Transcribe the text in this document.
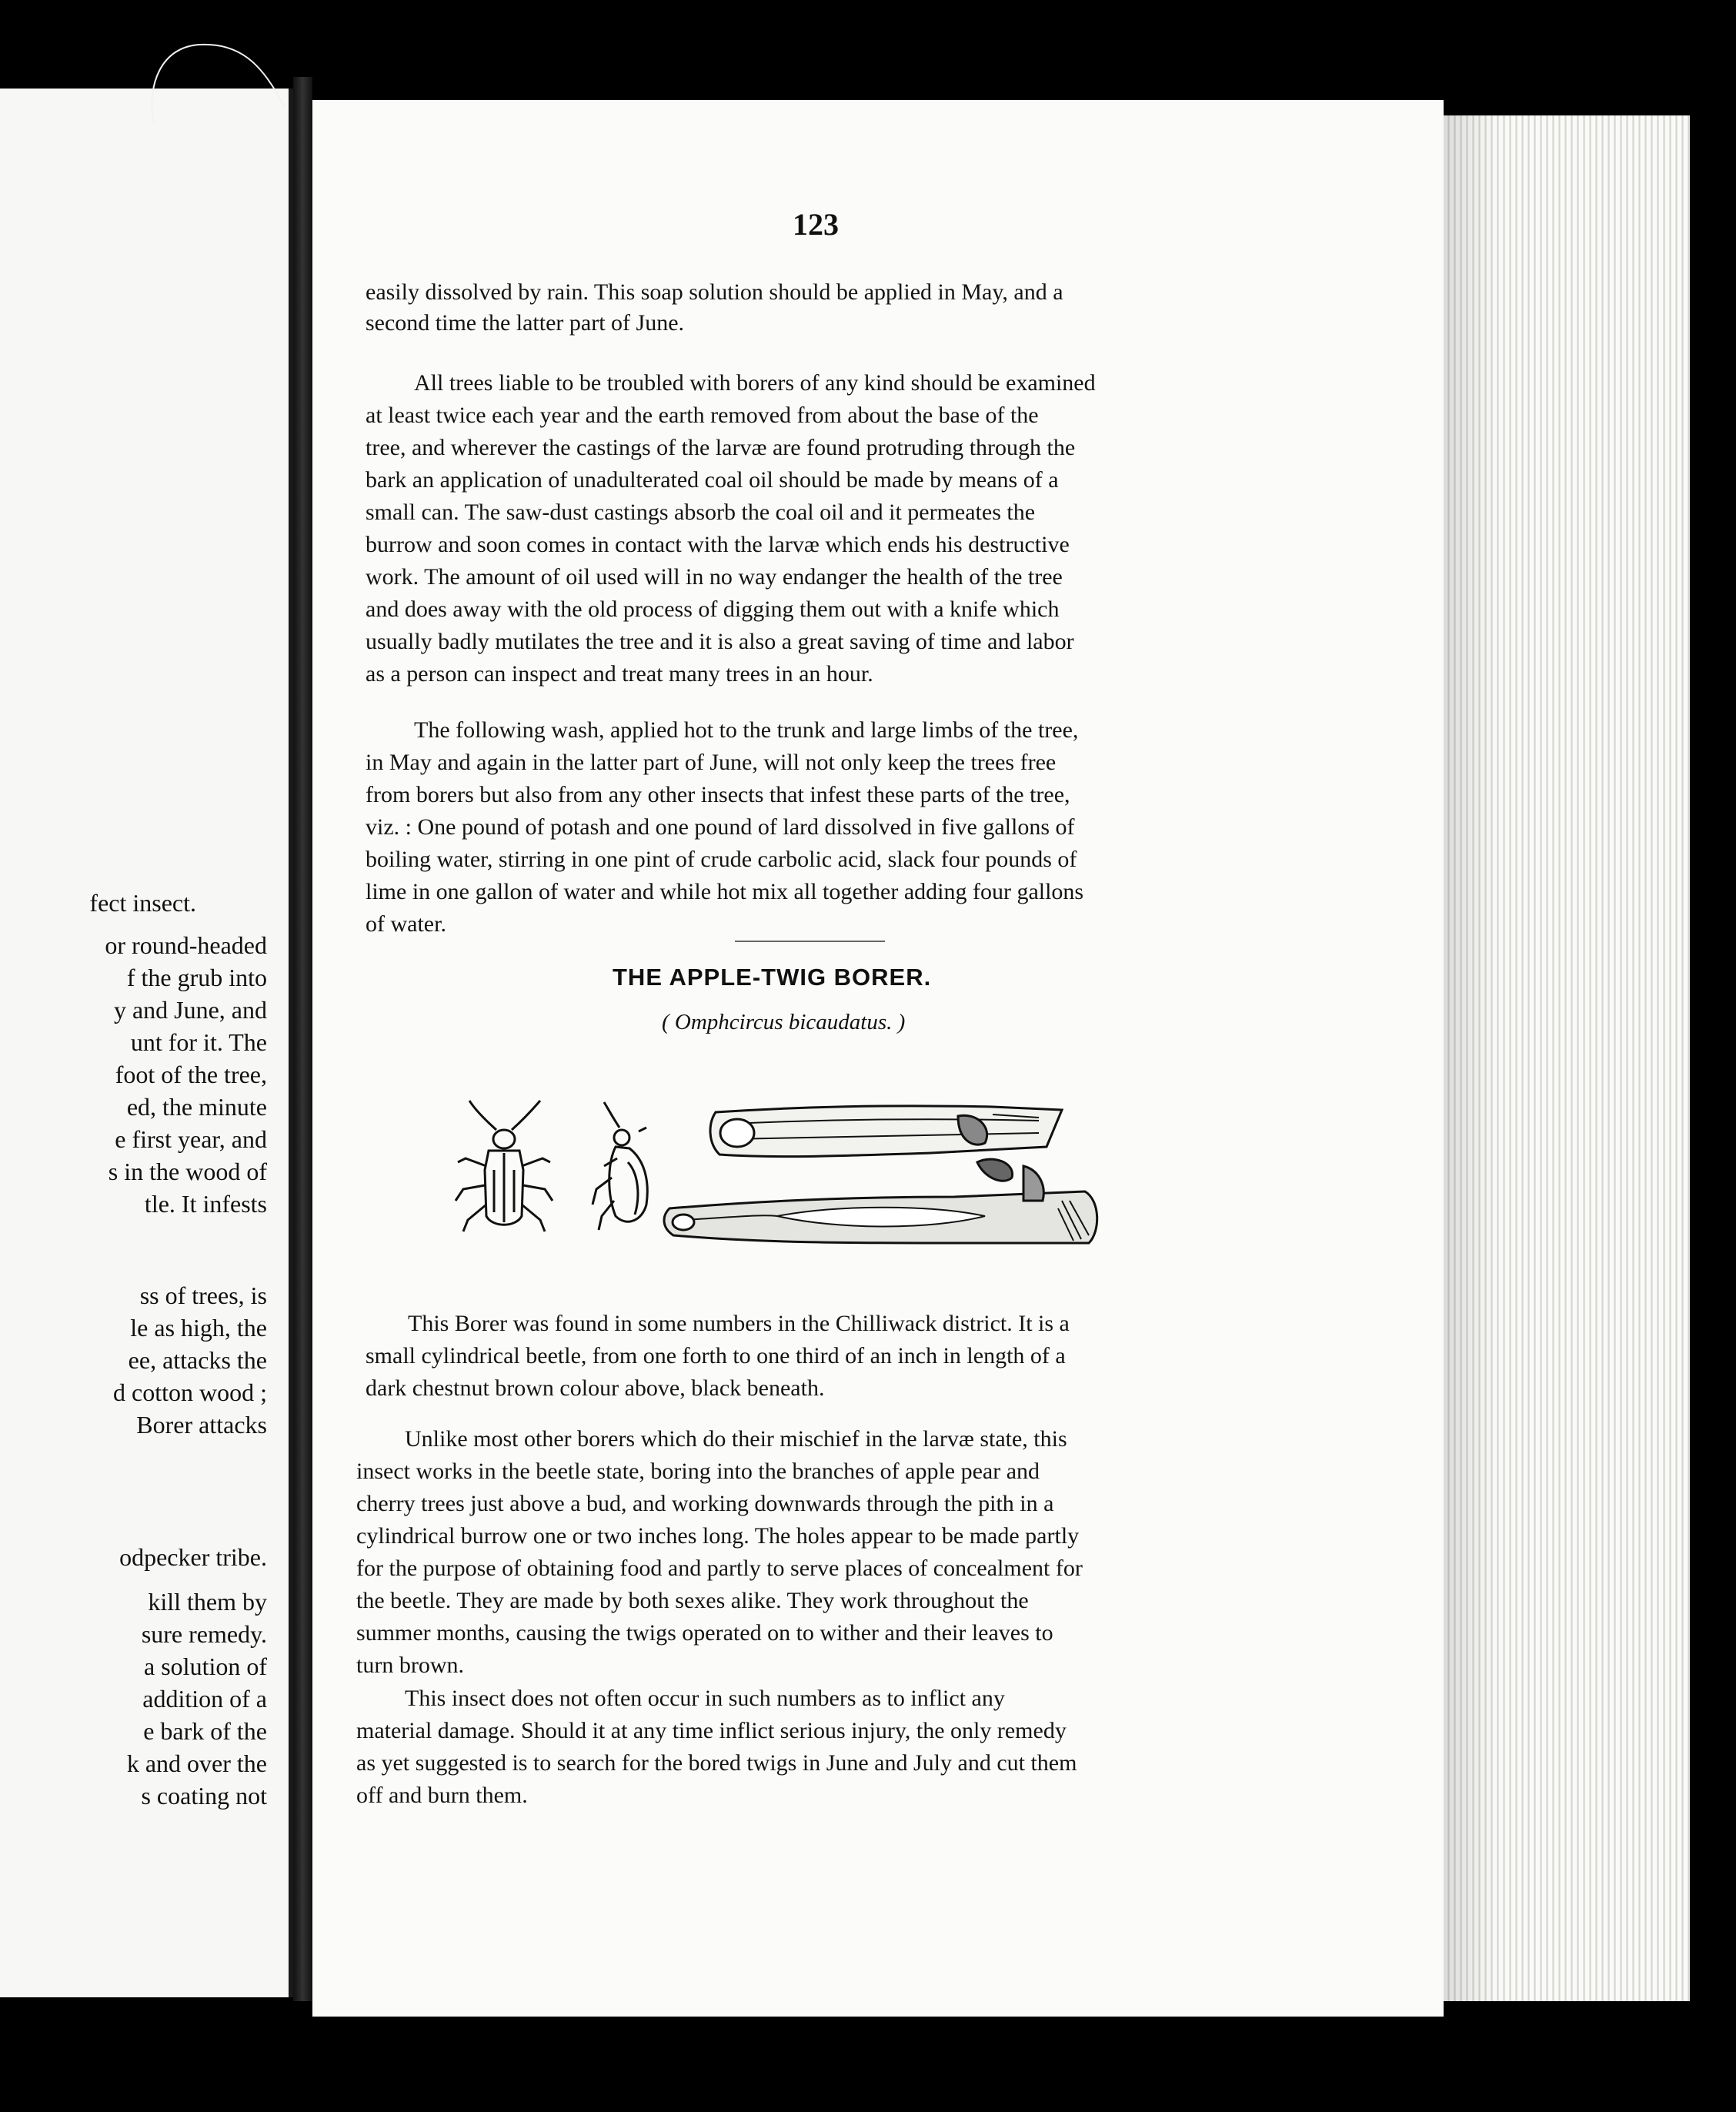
fect insect.
or round-headed
f the grub into
y and June, and
unt for it. The
foot of the tree,
ed, the minute
e first year, and
s in the wood of
tle. It infests
ss of trees, is
le as high, the
ee, attacks the
d cotton wood ;
Borer attacks
odpecker tribe.
kill them by
sure remedy.
a solution of
addition of a
e bark of the
k and over the
s coating not
123
easily dissolved by rain. This soap solution should be applied in May, and a
second time the latter part of June.
All trees liable to be troubled with borers of any kind should be examined
at least twice each year and the earth removed from about the base of the
tree, and wherever the castings of the larvæ are found protruding through the
bark an application of unadulterated coal oil should be made by means of a
small can. The saw-dust castings absorb the coal oil and it permeates the
burrow and soon comes in contact with the larvæ which ends his destructive
work. The amount of oil used will in no way endanger the health of the tree
and does away with the old process of digging them out with a knife which
usually badly mutilates the tree and it is also a great saving of time and labor
as a person can inspect and treat many trees in an hour.
The following wash, applied hot to the trunk and large limbs of the tree,
in May and again in the latter part of June, will not only keep the trees free
from borers but also from any other insects that infest these parts of the tree,
viz. : One pound of potash and one pound of lard dissolved in five gallons of
boiling water, stirring in one pint of crude carbolic acid, slack four pounds of
lime in one gallon of water and while hot mix all together adding four gallons
of water.
THE APPLE-TWIG BORER.
( Omphcircus bicaudatus. )
This Borer was found in some numbers in the Chilliwack district. It is a
small cylindrical beetle, from one forth to one third of an inch in length of a
dark chestnut brown colour above, black beneath.
Unlike most other borers which do their mischief in the larvæ state, this
insect works in the beetle state, boring into the branches of apple pear and
cherry trees just above a bud, and working downwards through the pith in a
cylindrical burrow one or two inches long. The holes appear to be made partly
for the purpose of obtaining food and partly to serve places of concealment for
the beetle. They are made by both sexes alike. They work throughout the
summer months, causing the twigs operated on to wither and their leaves to
turn brown.
This insect does not often occur in such numbers as to inflict any
material damage. Should it at any time inflict serious injury, the only remedy
as yet suggested is to search for the bored twigs in June and July and cut them
off and burn them.
